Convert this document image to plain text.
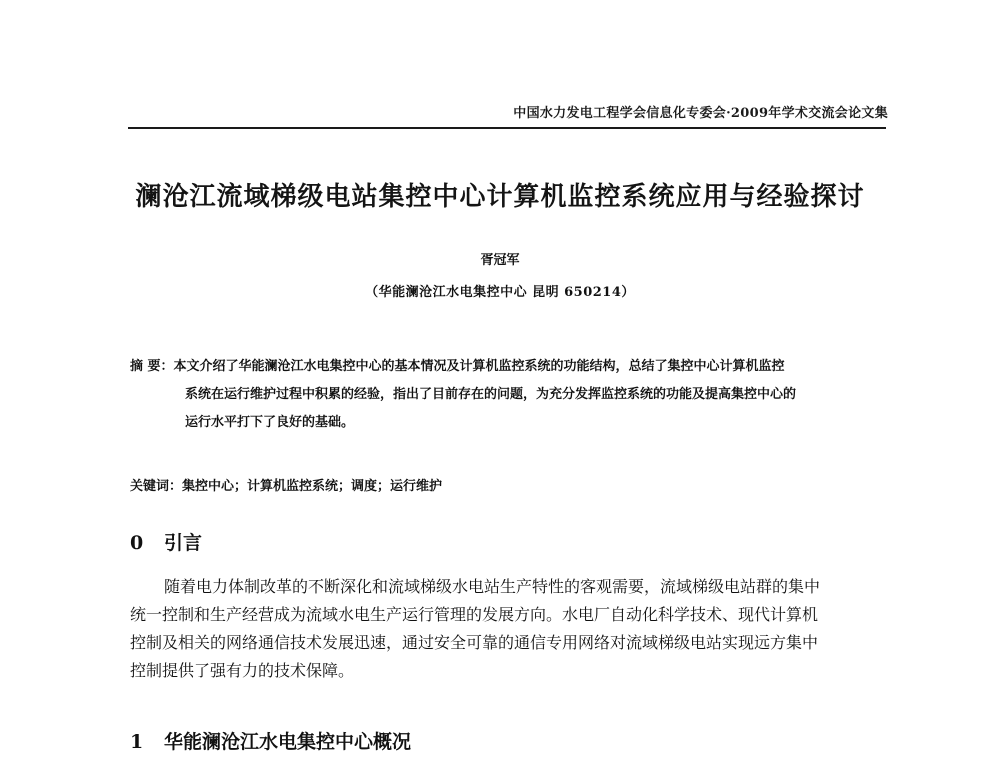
中国水力发电工程学会信息化专委会·2009年学术交流会论文集
澜沧江流域梯级电站集控中心计算机监控系统应用与经验探讨
胥冠军
（华能澜沧江水电集控中心 昆明 650214）
摘 要：本文介绍了华能澜沧江水电集控中心的基本情况及计算机监控系统的功能结构，总结了集控中心计算机监控
系统在运行维护过程中积累的经验，指出了目前存在的问题，为充分发挥监控系统的功能及提高集控中心的
运行水平打下了良好的基础。
关键词：集控中心；计算机监控系统；调度；运行维护
0 引言
随着电力体制改革的不断深化和流域梯级水电站生产特性的客观需要，流域梯级电站群的集中
统一控制和生产经营成为流域水电生产运行管理的发展方向。水电厂自动化科学技术、现代计算机
控制及相关的网络通信技术发展迅速，通过安全可靠的通信专用网络对流域梯级电站实现远方集中
控制提供了强有力的技术保障。
1 华能澜沧江水电集控中心概况
